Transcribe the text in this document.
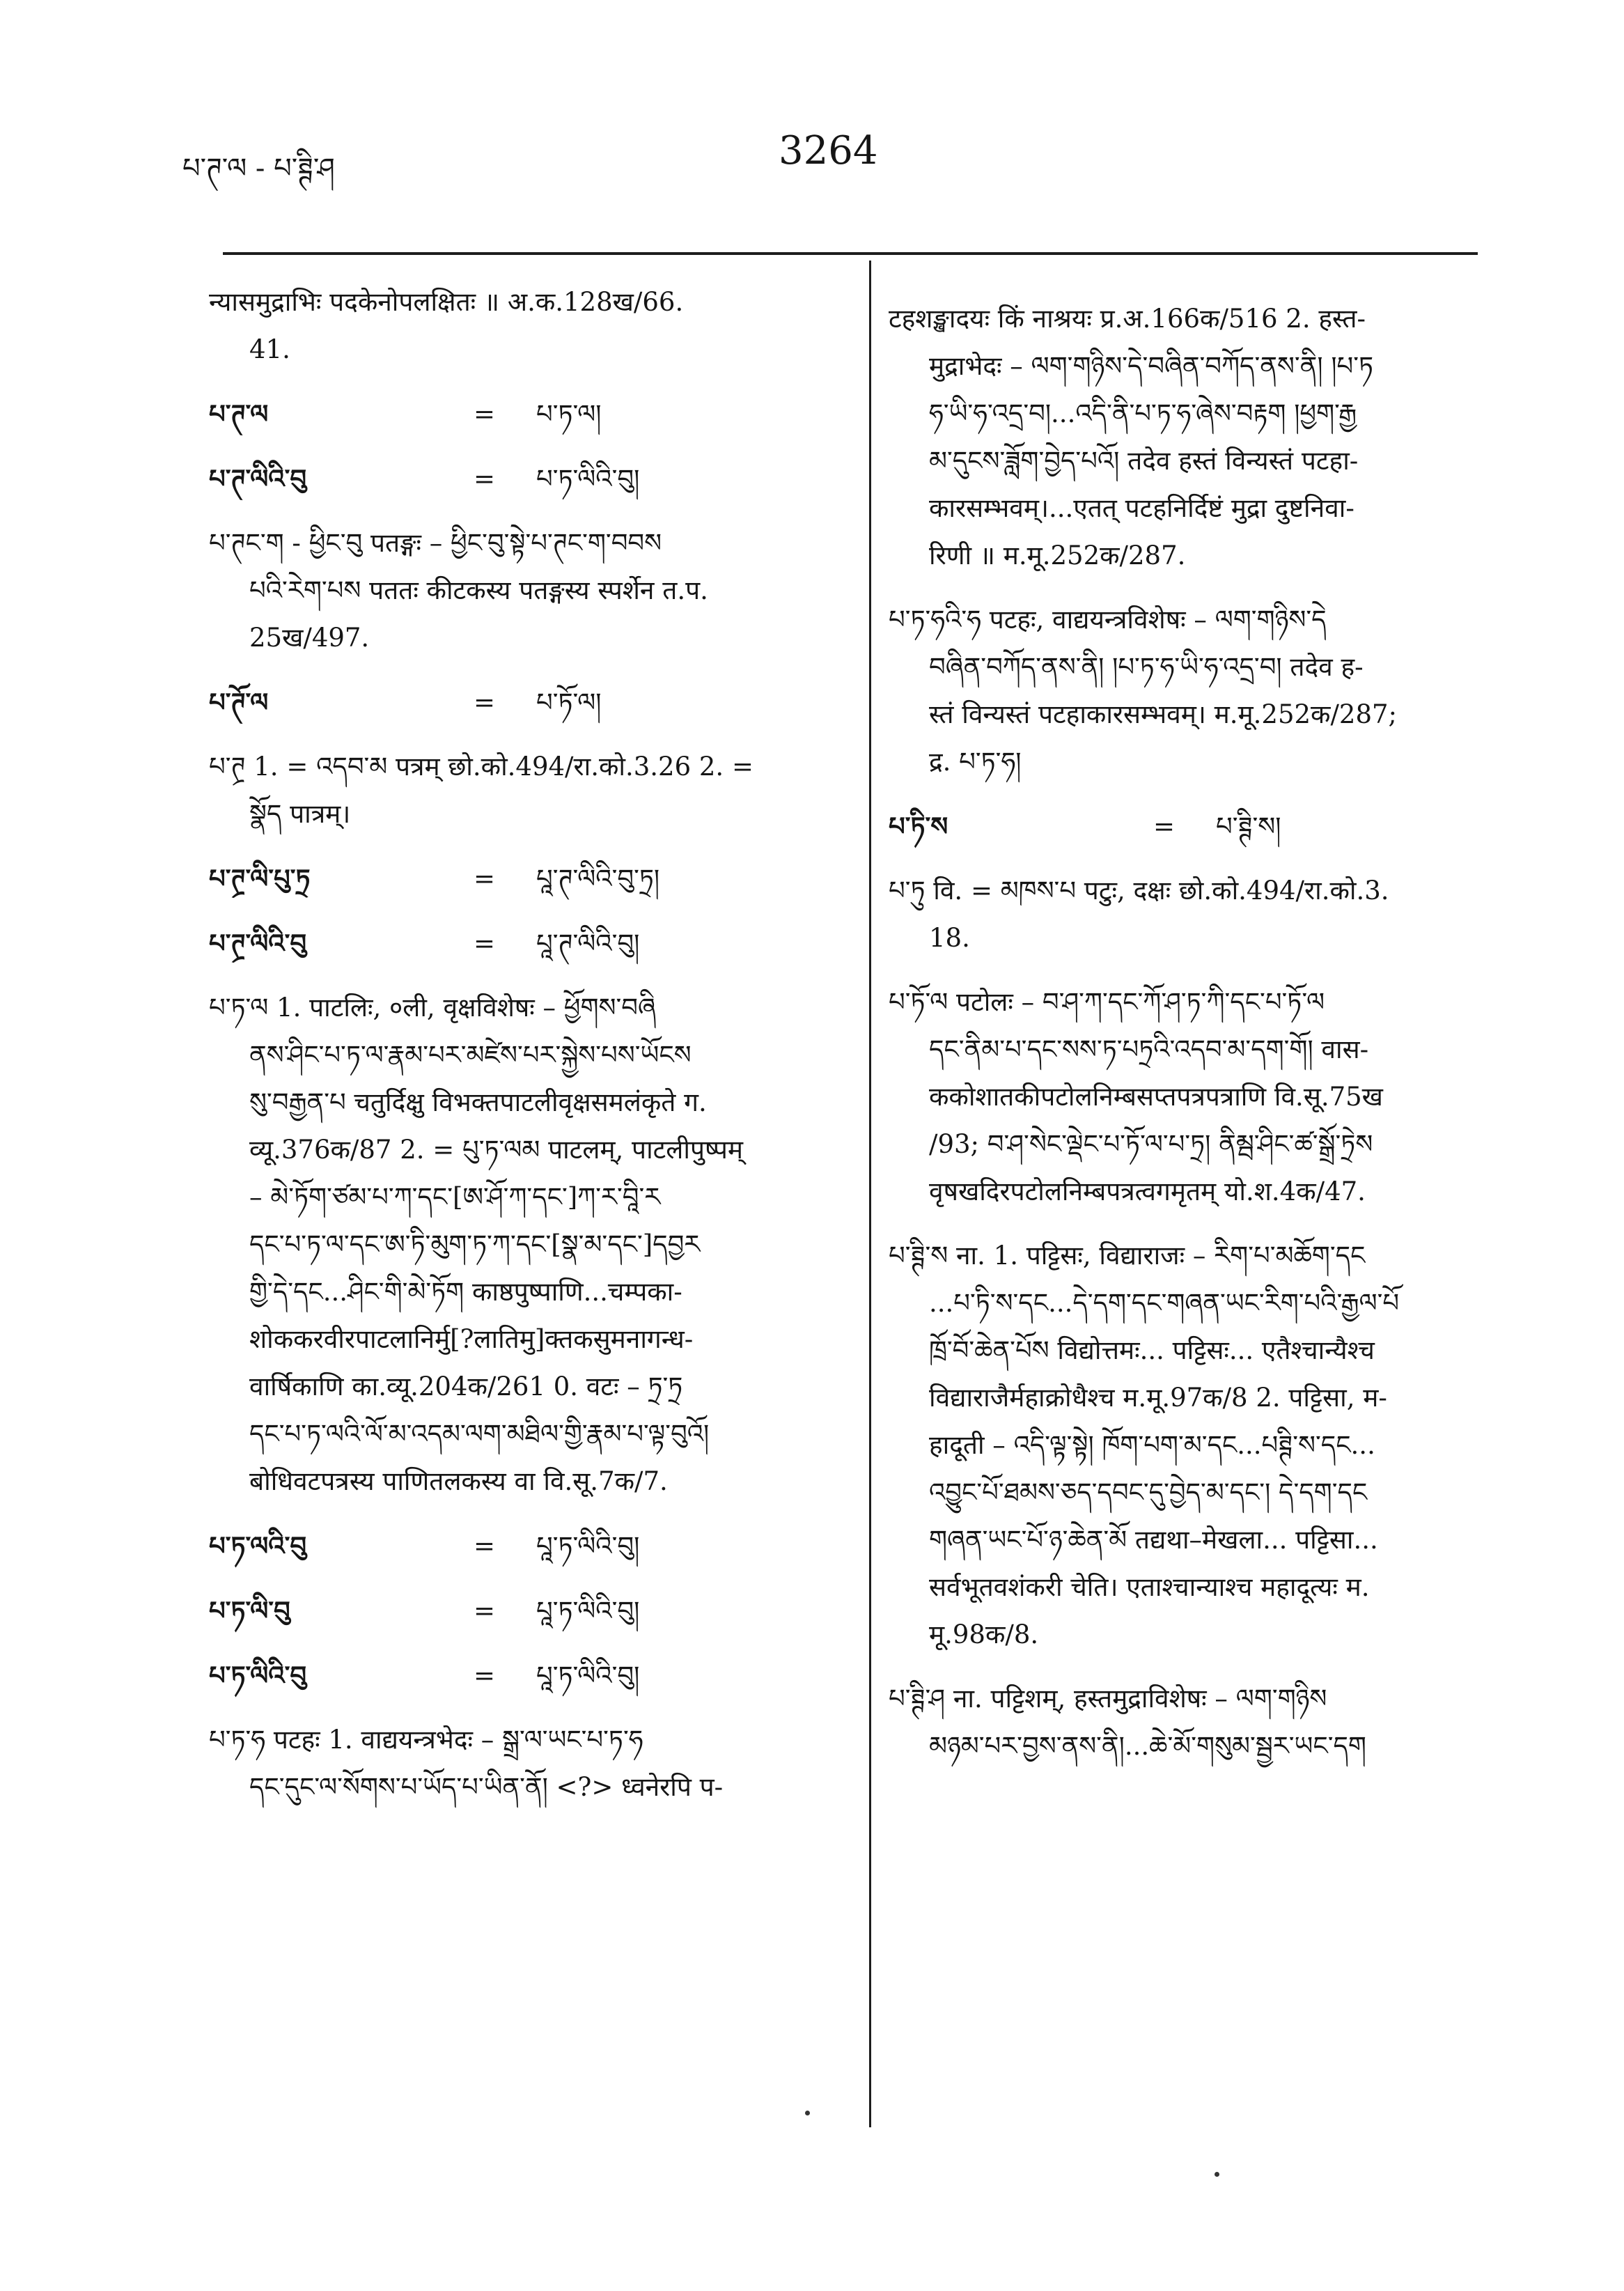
པ་ཊ་ལ - པ་ཊྚི་ཤ	3264
न्यासमुद्राभिः पदकेनोपलक्षितः ॥ अ.क.128ख/66.
41.
པ་ཊ་ལ	= པ་ཏ་ལ།
པ་ཊ་ལིའི་བུ	= པ་ཏ་ལིའི་བུ།
པ་ཊང་ག - ཕྱིང་བུ पतङ्गः – ཕྱིང་བུ་སྟེ་པ་ཊང་ག་བབས
པའི་རེག་པས पततः कीटकस्य पतङ्गस्य स्पर्शेन त.प.
25ख/497.
པ་ཊོ་ལ	= པ་ཏོ་ལ།
པ་ཊྲ 1. = འདབ་མ पत्रम् छो.को.494/रा.को.3.26 2. =
སྣོད पात्रम्।
པ་ཊྲ་ལི་པུ་ཏྲ	= པཱ་ཊ་ལིའི་བུ་ཏྲ།
པ་ཊྲ་ལིའི་བུ	= པཱ་ཊ་ལིའི་བུ།
པ་ཏ་ལ 1. पाटलिः, ०ली, वृक्षविशेषः – ཕྱོགས་བཞི
ནས་ཤིང་པ་ཏ་ལ་རྣམ་པར་མཛེས་པར་སྐྱེས་པས་ཡོངས
སུ་བརྒྱན་པ चतुर्दिक्षु विभक्तपाटलीवृक्षसमलंकृते ग.
व्यू.376क/87 2. = པུ་ཏ་ལམ पाटलम्, पाटलीपुष्पम्
– མེ་ཏོག་ཙམ་པ་ཀ་དང་[ཨ་ཤོ་ཀ་དང་]ཀ་ར་བཱི་ར
དང་པ་ཏ་ལ་དང་ཨ་ཏི་མུག་ཏ་ཀ་དང་[སྣ་མ་དང་]དབྱར
གྱི་དེ་དང...ཤིང་གི་མེ་ཏོག काष्ठपुष्पाणि...चम्पका-
शोककरवीरपाटलानिर्मु[?लातिमु]क्तकसुमनागन्ध-
वार्षिकाणि का.व्यू.204क/261 0. वटः – ཏྲ་ཏྲ
དང་པ་ཏ་ལའི་ལོ་མ་འདམ་ལག་མཐིལ་གྱི་རྣམ་པ་ལྟ་བུའོ།
बोधिवटपत्रस्य पाणितलकस्य वा वि.सू.7क/7.
པ་ཏ་ལའི་བུ	= པཱ་ཏ་ལིའི་བུ།
པ་ཏ་ལི་བུ	= པཱ་ཏ་ལིའི་བུ།
པ་ཏ་ལིའི་བུ	= པཱ་ཏ་ལིའི་བུ།
པ་ཏ་ཧ पटहः 1. वाद्ययन्त्रभेदः – སྒྲ་ལ་ཡང་པ་ཏ་ཧ
དང་དུང་ལ་སོགས་པ་ཡོད་པ་ཡིན་ནོ། <?> ध्वनेरपि प-
टहशङ्खादयः किं नाश्रयः प्र.अ.166क/516 2. हस्त-
मुद्राभेदः – ལག་གཉིས་དེ་བཞིན་བཀོད་ནས་ནི། །པ་ཏ
ཧ་ཡི་ཧ་འདྲ་བ།...འདི་ནི་པ་ཏ་ཧ་ཞེས་བརྟག །ཕྱག་རྒྱ
མ་དུངས་ཟློག་བྱེད་པའོ། तदेव हस्तं विन्यस्तं पटहा-
कारसम्भवम्।...एतत् पटहनिर्दिष्टं मुद्रा दुष्टनिवा-
रिणी ॥ म.मू.252क/287.
པ་ཏ་ཧའི་ཧ पटहः, वाद्ययन्त्रविशेषः – ལག་གཉིས་དེ
བཞིན་བཀོད་ནས་ནི། །པ་ཏ་ཧ་ཡི་ཧ་འདྲ་བ། तदेव ह-
स्तं विन्यस्तं पटहाकारसम्भवम्। म.मू.252क/287;
द्र. པ་ཏ་ཧ།
པ་ཏི་ས	= པ་ཊྚི་ས།
པ་ཏུ वि. = མཁས་པ पटुः, दक्षः छो.को.494/रा.को.3.
18.
པ་ཏོ་ལ पटोलः – བ་ཤ་ཀ་དང་ཀོ་ཤ་ཏ་ཀི་དང་པ་ཏོ་ལ
དང་ནིམ་པ་དང་སས་ཏ་པཏྲའི་འདབ་མ་དག་གོ། वास-
ककोशातकीपटोलनिम्बसप्तपत्रपत्राणि वि.सू.75ख
/93; བ་ཤ་སེང་ལྡེང་པ་ཏོ་ལ་པ་ཏྲ། ནིམྦ་ཤིང་ཚ་སྒྲོ་ཏྲེས
वृषखदिरपटोलनिम्बपत्रत्वगमृतम् यो.श.4क/47.
པ་ཊྚི་ས ना. 1. पट्टिसः, विद्याराजः – རིག་པ་མཆོག་དང
...པ་ཏི་ས་དང...དེ་དག་དང་གཞན་ཡང་རིག་པའི་རྒྱལ་པོ
ཁྲོ་བོ་ཆེན་པོས विद्योत्तमः... पट्टिसः... एतैश्चान्यैश्च
विद्याराजैर्महाक्रोधैश्च म.मू.97क/8 2. पट्टिसा, म-
हादूती – འདི་ལྟ་སྟེ། ཁོག་པག་མ་དང...པཊྚི་ས་དང...
འབྱུང་པོ་ཐམས་ཅད་དབང་དུ་བྱེད་མ་དང་། དེ་དག་དང
གཞན་ཡང་པོ་ཉ་ཆེན་མོ तद्यथा–मेखला... पट्टिसा...
सर्वभूतवशंकरी चेति। एताश्चान्याश्च महादूत्यः म.
मू.98क/8.
པ་ཊྚི་ཤ ना. पट्टिशम्, हस्तमुद्राविशेषः – ལག་གཉིས
མཉམ་པར་བྱས་ནས་ནི།...ཆེ་མོ་གསུམ་སྦྱར་ཡང་དག
